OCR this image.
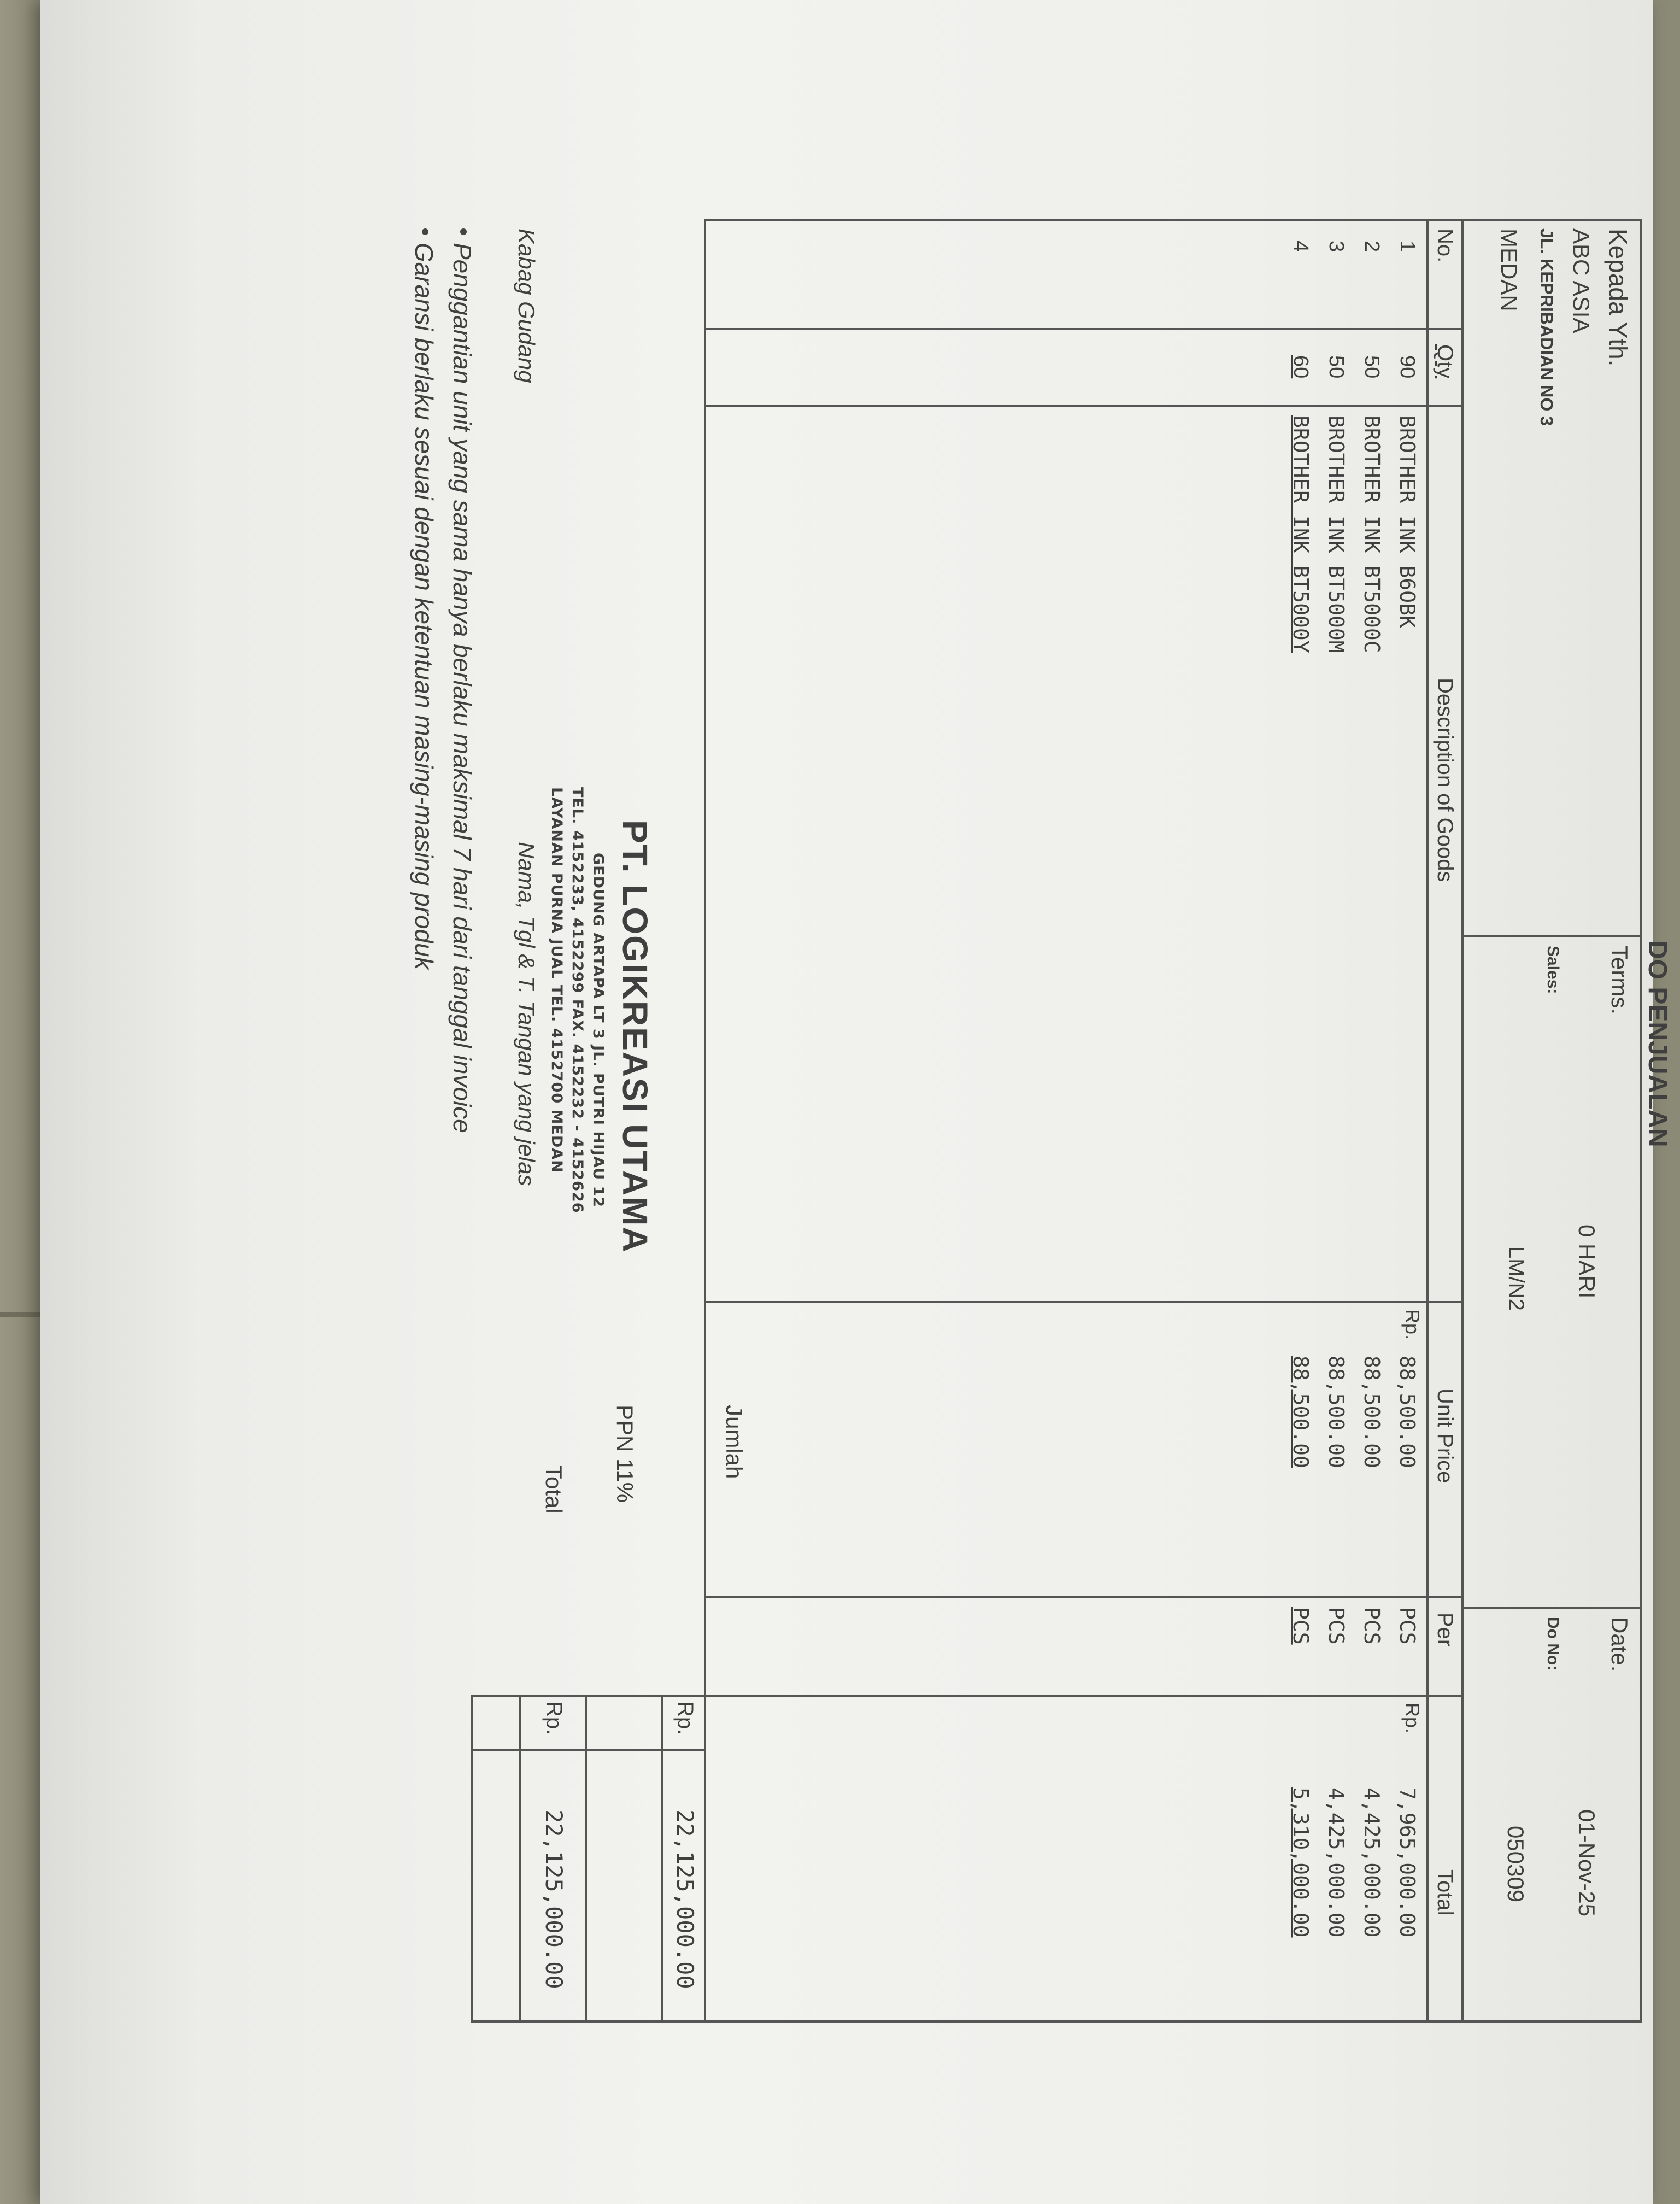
DO PENJUALAN
Kepada Yth.
ABC ASIA
JL. KEPRIBADIAN NO 3
MEDAN
Terms.
0 HARI
Sales:
LM/N2
Date.
01-Nov-25
Do No:
050309
No.
Qty
Description of Goods
Unit Price
Per
Total
Rp.
Rp.
1
90
BROTHER INK B6OBK
88,500.00
PCS
7,965,000.00
2
50
BROTHER INK BT5000C
88,500.00
PCS
4,425,000.00
3
50
BROTHER INK BT5000M
88,500.00
PCS
4,425,000.00
4
60
BROTHER INK BT5000Y
88,500.00
PCS
5,310,000.00
Jumlah
Rp.
22,125,000.00
PPN 11%
Total
Rp.
22,125,000.00
PT. LOGIKREASI UTAMA
GEDUNG ARTAPA LT 3 JL. PUTRI HIJAU 12
TEL. 4152233, 4152299 FAX. 4152232 - 4152626
LAYANAN PURNA JUAL TEL. 4152700 MEDAN
Kabag Gudang
Nama, Tgl & T. Tangan yang jelas
Penggantian unit yang sama hanya berlaku maksimal 7 hari dari tanggal invoice
Garansi berlaku sesuai dengan ketentuan masing-masing produk
